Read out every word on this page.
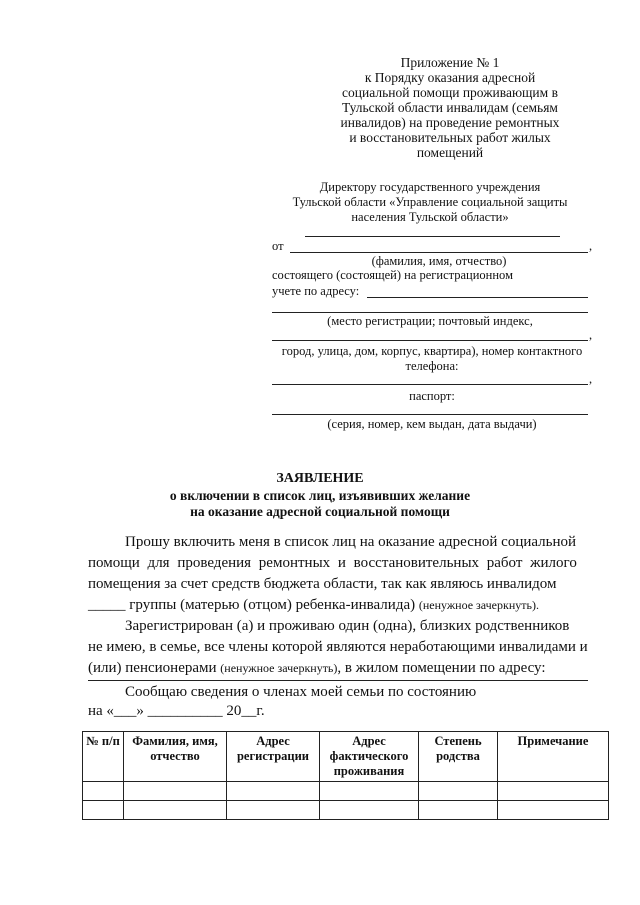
Приложение № 1
к Порядку оказания адресной
социальной помощи проживающим в
Тульской области инвалидам (семьям
инвалидов) на проведение ремонтных
и восстановительных работ жилых
помещений
Директору государственного учреждения
Тульской области «Управление социальной защиты
населения Тульской области»
от	,
(фамилия, имя, отчество)
состоящего (состоящей) на регистрационном
учете по адресу:
(место регистрации; почтовый индекс,
,
город, улица, дом, корпус, квартира), номер контактного
телефона:
,
паспорт:
(серия, номер, кем выдан, дата выдачи)
ЗАЯВЛЕНИЕ
о включении в список лиц, изъявивших желание
на оказание адресной социальной помощи
Прошу включить меня в список лиц на оказание адресной социальной
помощи для проведения ремонтных и восстановительных работ жилого
помещения за счет средств бюджета области, так как являюсь инвалидом
_____ группы (матерью (отцом) ребенка-инвалида) (ненужное зачеркнуть).
Зарегистрирован (а) и проживаю один (одна), близких родственников
не имею, в семье, все члены которой являются неработающими инвалидами и
(или) пенсионерами (ненужное зачеркнуть), в жилом помещении по адресу:
Сообщаю сведения о членах моей семьи по состоянию
на «___» __________ 20__г.
№ п/п	Фамилия, имя, отчество	Адрес регистрации	Адрес фактического проживания	Степень родства	Примечание
